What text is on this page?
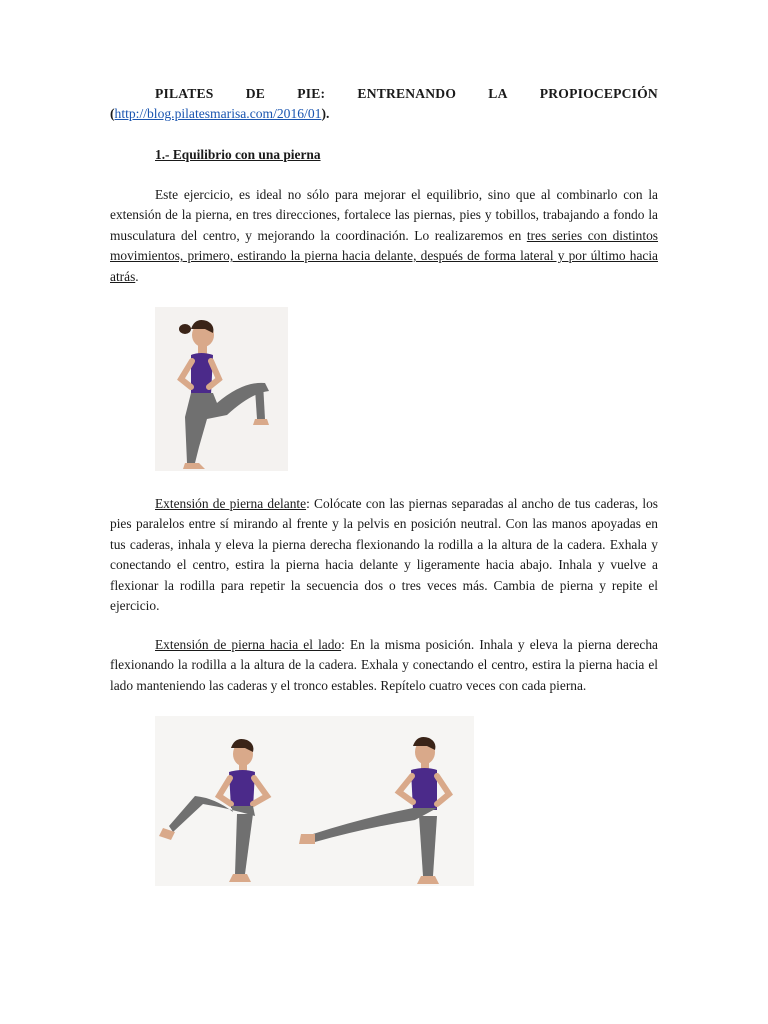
PILATES DE PIE: ENTRENANDO LA PROPIOCEPCIÓN
(http://blog.pilatesmarisa.com/2016/01).
1.- Equilibrio con una pierna
Este ejercicio, es ideal no sólo para mejorar el equilibrio, sino que al combinarlo con la extensión de la pierna, en tres direcciones, fortalece las piernas, pies y tobillos, trabajando a fondo la musculatura del centro, y mejorando la coordinación. Lo realizaremos en tres series con distintos movimientos, primero, estirando la pierna hacia delante, después de forma lateral y por último hacia atrás.
Extensión de pierna delante: Colócate con las piernas separadas al ancho de tus caderas, los pies paralelos entre sí mirando al frente y la pelvis en posición neutral. Con las manos apoyadas en tus caderas, inhala y eleva la pierna derecha flexionando la rodilla a la altura de la cadera. Exhala y conectando el centro, estira la pierna hacia delante y ligeramente hacia abajo. Inhala y vuelve a flexionar la rodilla para repetir la secuencia dos o tres veces más. Cambia de pierna y repite el ejercicio.
Extensión de pierna hacia el lado: En la misma posición. Inhala y eleva la pierna derecha flexionando la rodilla a la altura de la cadera. Exhala y conectando el centro, estira la pierna hacia el lado manteniendo las caderas y el tronco estables. Repítelo cuatro veces con cada pierna.
